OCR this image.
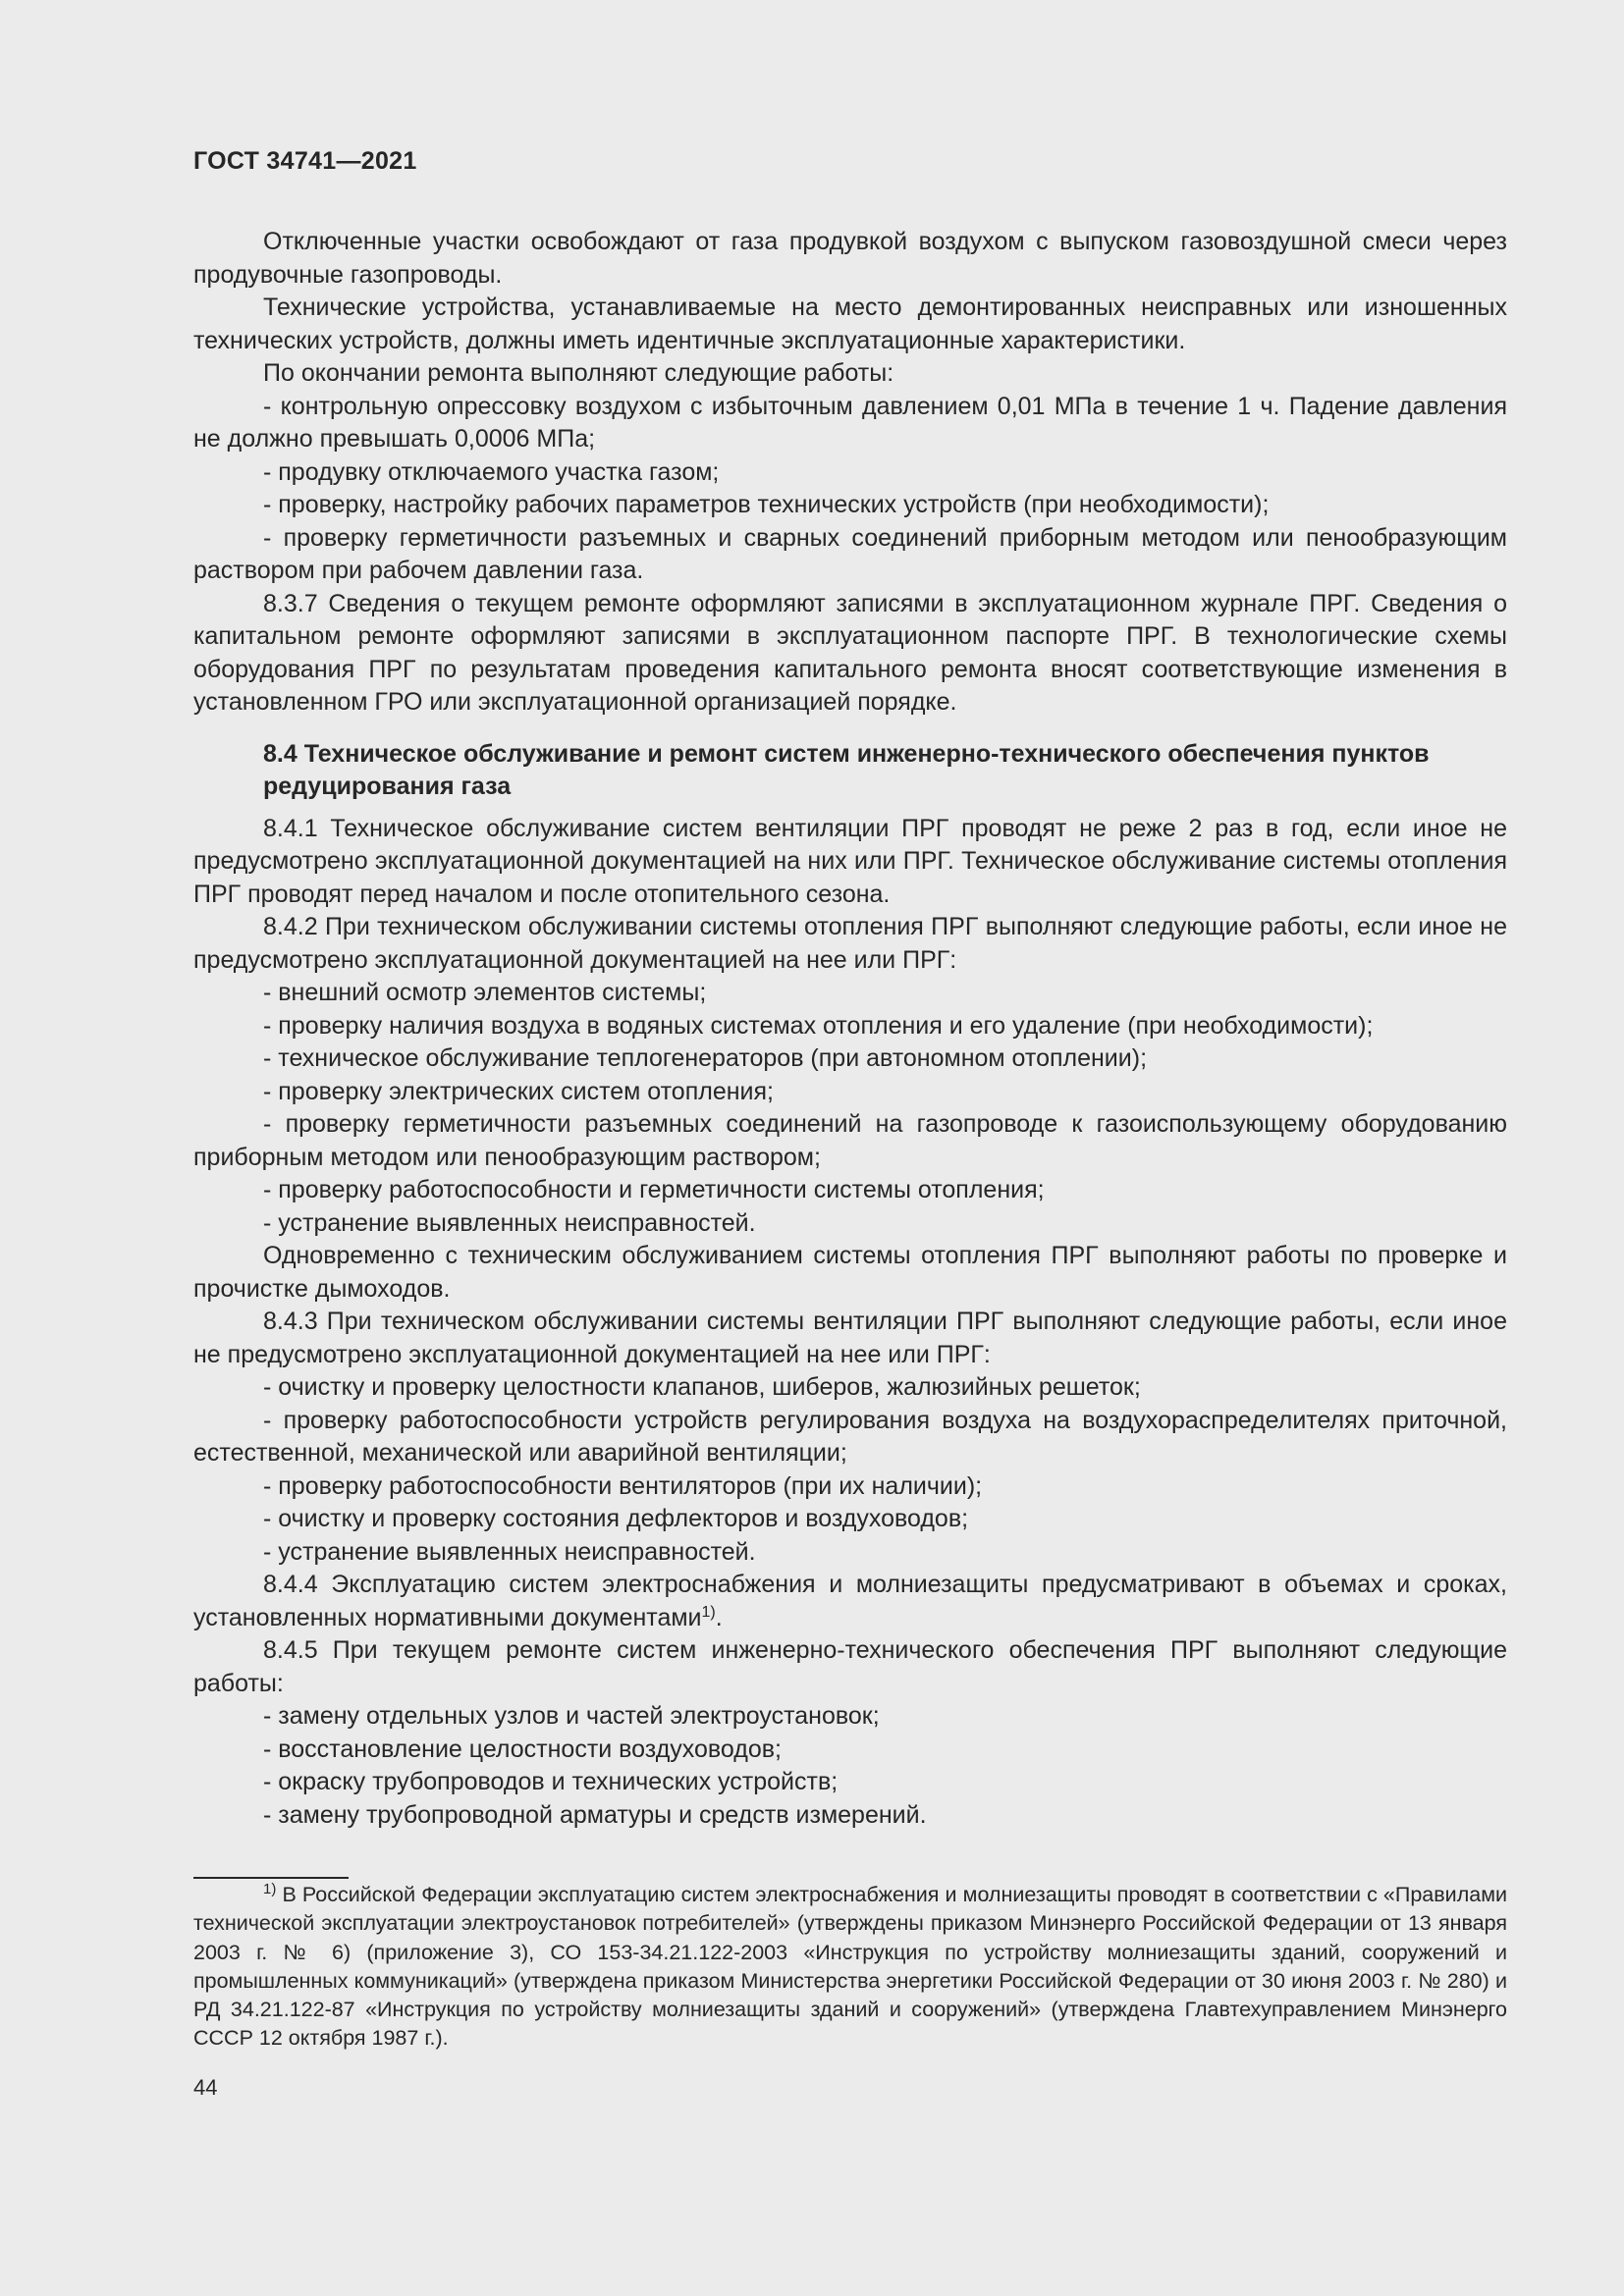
ГОСТ 34741—2021

Отключенные участки освобождают от газа продувкой воздухом с выпуском газовоздушной смеси через продувочные газопроводы.

Технические устройства, устанавливаемые на место демонтированных неисправных или изношенных технических устройств, должны иметь идентичные эксплуатационные характеристики.

По окончании ремонта выполняют следующие работы:

- контрольную опрессовку воздухом с избыточным давлением 0,01 МПа в течение 1 ч. Падение давления не должно превышать 0,0006 МПа;

- продувку отключаемого участка газом;

- проверку, настройку рабочих параметров технических устройств (при необходимости);

- проверку герметичности разъемных и сварных соединений приборным методом или пенообразующим раствором при рабочем давлении газа.

8.3.7 Сведения о текущем ремонте оформляют записями в эксплуатационном журнале ПРГ. Сведения о капитальном ремонте оформляют записями в эксплуатационном паспорте ПРГ. В технологические схемы оборудования ПРГ по результатам проведения капитального ремонта вносят соответствующие изменения в установленном ГРО или эксплуатационной организацией порядке.

8.4 Техническое обслуживание и ремонт систем инженерно-технического обеспечения пунктов редуцирования газа

8.4.1 Техническое обслуживание систем вентиляции ПРГ проводят не реже 2 раз в год, если иное не предусмотрено эксплуатационной документацией на них или ПРГ. Техническое обслуживание системы отопления ПРГ проводят перед началом и после отопительного сезона.

8.4.2 При техническом обслуживании системы отопления ПРГ выполняют следующие работы, если иное не предусмотрено эксплуатационной документацией на нее или ПРГ:

- внешний осмотр элементов системы;

- проверку наличия воздуха в водяных системах отопления и его удаление (при необходимости);

- техническое обслуживание теплогенераторов (при автономном отоплении);

- проверку электрических систем отопления;

- проверку герметичности разъемных соединений на газопроводе к газоиспользующему оборудованию приборным методом или пенообразующим раствором;

- проверку работоспособности и герметичности системы отопления;

- устранение выявленных неисправностей.

Одновременно с техническим обслуживанием системы отопления ПРГ выполняют работы по проверке и прочистке дымоходов.

8.4.3 При техническом обслуживании системы вентиляции ПРГ выполняют следующие работы, если иное не предусмотрено эксплуатационной документацией на нее или ПРГ:

- очистку и проверку целостности клапанов, шиберов, жалюзийных решеток;

- проверку работоспособности устройств регулирования воздуха на воздухораспределителях приточной, естественной, механической или аварийной вентиляции;

- проверку работоспособности вентиляторов (при их наличии);

- очистку и проверку состояния дефлекторов и воздуховодов;

- устранение выявленных неисправностей.

8.4.4 Эксплуатацию систем электроснабжения и молниезащиты предусматривают в объемах и сроках, установленных нормативными документами$^{1)}$.

8.4.5 При текущем ремонте систем инженерно-технического обеспечения ПРГ выполняют следующие работы:

- замену отдельных узлов и частей электроустановок;

- восстановление целостности воздуховодов;

- окраску трубопроводов и технических устройств;

- замену трубопроводной арматуры и средств измерений.

$^{1)}$ В Российской Федерации эксплуатацию систем электроснабжения и молниезащиты проводят в соответствии с «Правилами технической эксплуатации электроустановок потребителей» (утверждены приказом Минэнерго Российской Федерации от 13 января 2003 г. № 6) (приложение 3), СО 153-34.21.122-2003 «Инструкция по устройству молниезащиты зданий, сооружений и промышленных коммуникаций» (утверждена приказом Министерства энергетики Российской Федерации от 30 июня 2003 г. № 280) и РД 34.21.122-87 «Инструкция по устройству молниезащиты зданий и сооружений» (утверждена Главтехуправлением Минэнерго СССР 12 октября 1987 г.).

44
